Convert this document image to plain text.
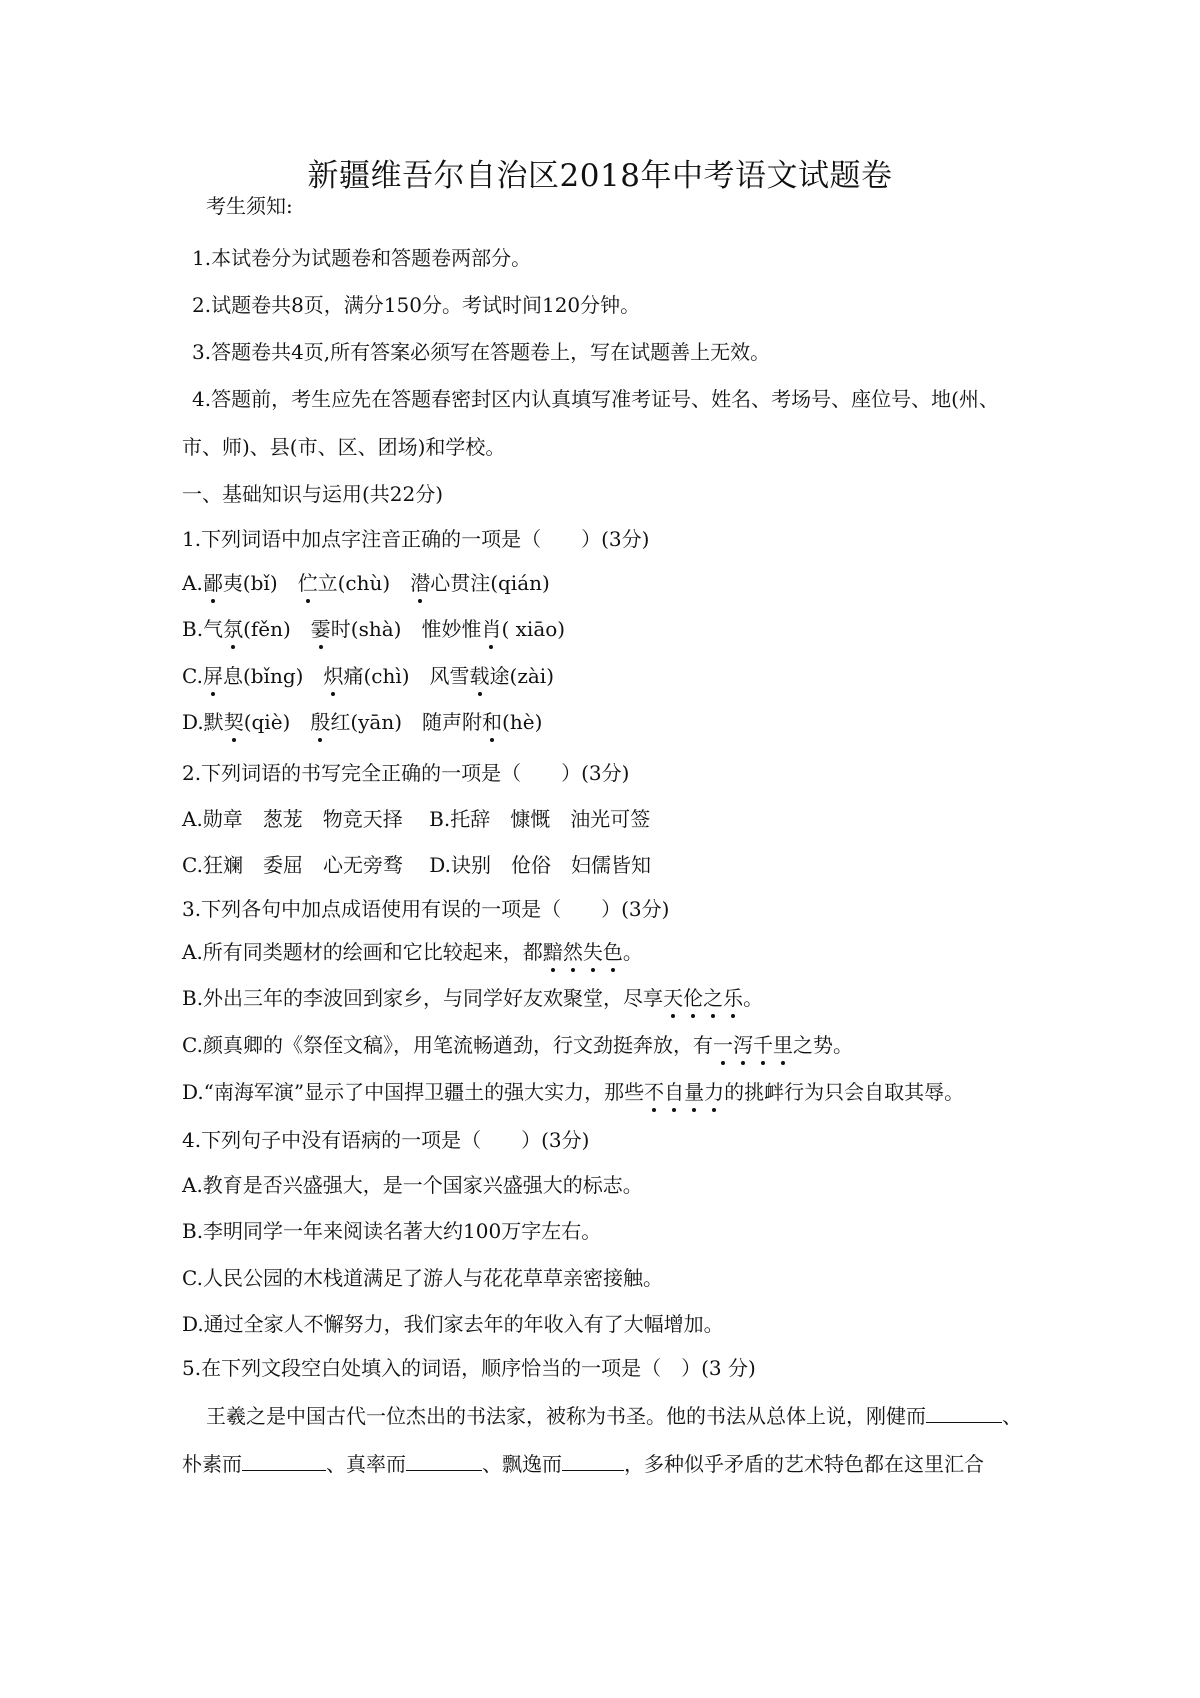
新疆维吾尔自治区2018年中考语文试题卷
考生须知:
1.本试卷分为试题卷和答题卷两部分。
2.试题卷共8页，满分150分。考试时间120分钟。
3.答题卷共4页,所有答案必须写在答题卷上，写在试题善上无效。
4.答题前，考生应先在答题春密封区内认真填写准考证号、姓名、考场号、座位号、地(州、
市、师)、县(市、区、团场)和学校。
一、基础知识与运用(共22分)
1.下列词语中加点字注音正确的一项是（　　）(3分)
A.鄙夷(bǐ)　伫立(chù)　潜心贯注(qián)
B.气氛(fěn)　霎时(shà)　惟妙惟肖( xiāo)
C.屏息(bǐng)　炽痛(chì)　风雪载途(zài)
D.默契(qiè)　殷红(yān)　随声附和(hè)
2.下列词语的书写完全正确的一项是（　　）(3分)
A.勋章　葱茏　物竞天择　 B.托辞　慷慨　油光可签
C.狂斓　委屈　心无旁骛　 D.诀别　伧俗　妇儒皆知
3.下列各句中加点成语使用有误的一项是（　　）(3分)
A.所有同类题材的绘画和它比较起来，都黯然失色。
B.外出三年的李波回到家乡，与同学好友欢聚堂，尽享天伦之乐。
C.颜真卿的《祭侄文稿》，用笔流畅遒劲，行文劲挺奔放，有一泻千里之势。
D.“南海军演”显示了中国捍卫疆土的强大实力，那些不自量力的挑衅行为只会自取其辱。
4.下列句子中没有语病的一项是（　　）(3分)
A.教育是否兴盛强大，是一个国家兴盛强大的标志。
B.李明同学一年来阅读名著大约100万字左右。
C.人民公园的木栈道满足了游人与花花草草亲密接触。
D.通过全家人不懈努力，我们家去年的年收入有了大幅增加。
5.在下列文段空白处填入的词语，顺序恰当的一项是（　）(3 分)
王羲之是中国古代一位杰出的书法家，被称为书圣。他的书法从总体上说，刚健而	、
朴素而	、真率而	、飘逸而	，多种似乎矛盾的艺术特色都在这里汇合
